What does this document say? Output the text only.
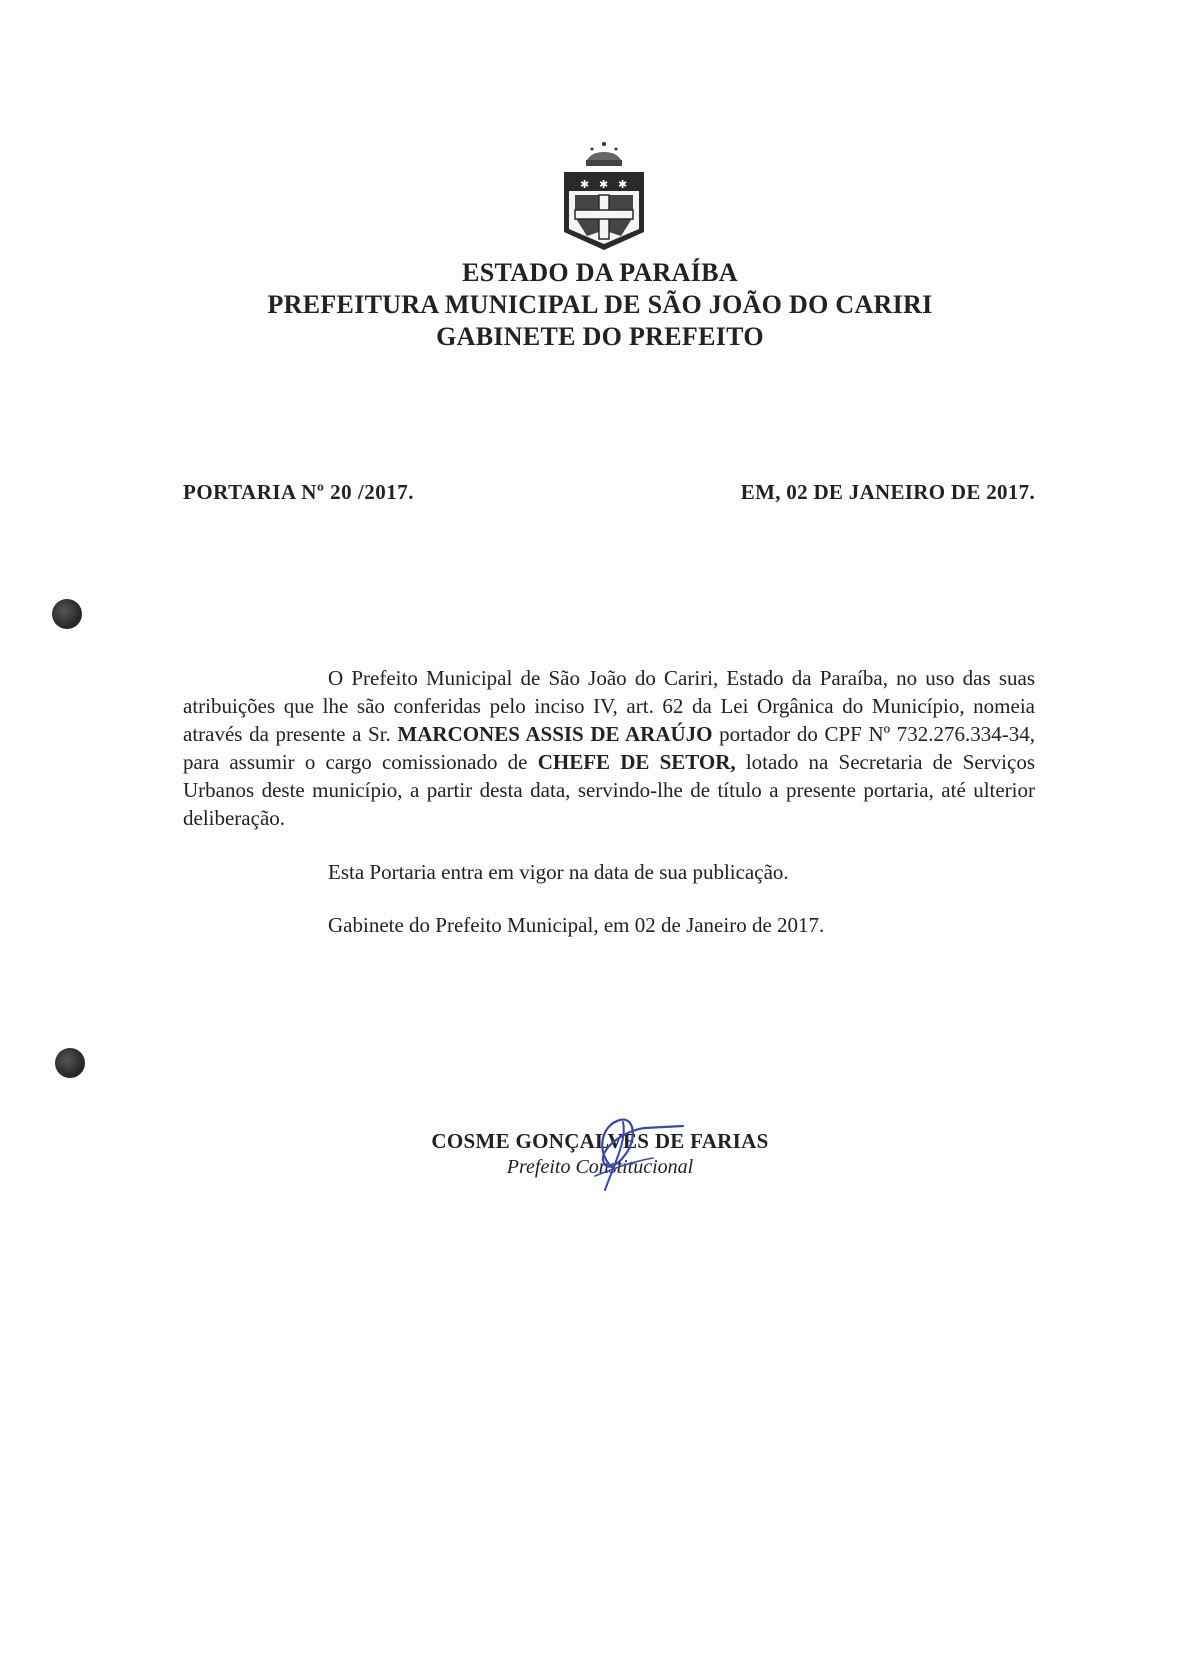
✱ ✱ ✱
ESTADO DA PARAÍBA
PREFEITURA MUNICIPAL DE SÃO JOÃO DO CARIRI
GABINETE DO PREFEITO
PORTARIA Nº 20 /2017.	EM, 02 DE JANEIRO DE 2017.
O Prefeito Municipal de São João do Cariri, Estado da Paraíba, no uso das suas atribuições que lhe são conferidas pelo inciso IV, art. 62 da Lei Orgânica do Município, nomeia através da presente a Sr. MARCONES ASSIS DE ARAÚJO portador do CPF Nº 732.276.334-34, para assumir o cargo comissionado de CHEFE DE SETOR, lotado na Secretaria de Serviços Urbanos deste município, a partir desta data, servindo-lhe de título a presente portaria, até ulterior deliberação.
Esta Portaria entra em vigor na data de sua publicação.
Gabinete do Prefeito Municipal, em 02 de Janeiro de 2017.
COSME GONÇALVES DE FARIAS
Prefeito Constitucional
